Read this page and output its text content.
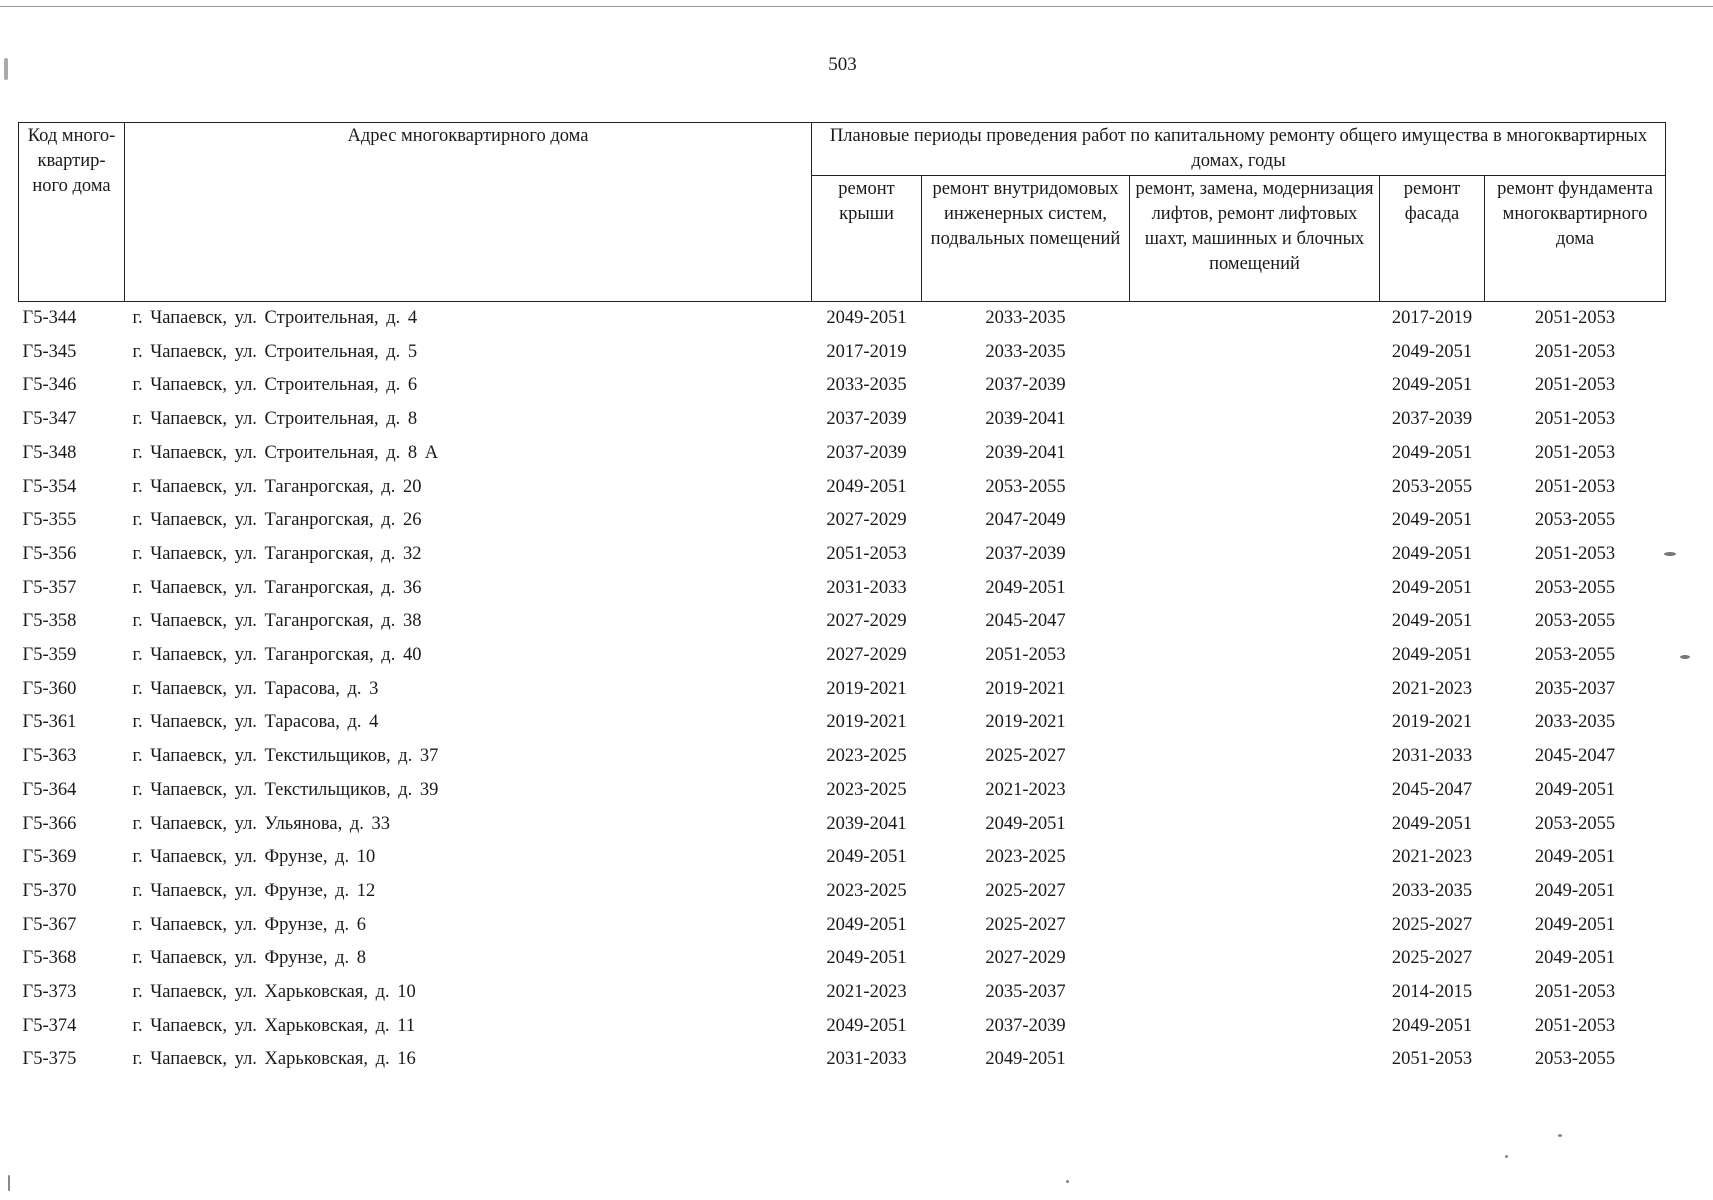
503
Код много-квартир-ного дома	Адрес многоквартирного дома	Плановые периоды проведения работ по капитальному ремонту общего имущества в многоквартирных домах, годы				
		ремонт крыши	ремонт внутридомовых инженерных систем, подвальных помещений	ремонт, замена, модернизация лифтов, ремонт лифтовых шахт, машинных и блочных помещений	ремонт фасада	ремонт фундамента многоквартирного дома
Г5-344	г. Чапаевск, ул. Строительная, д. 4	2049-2051	2033-2035		2017-2019	2051-2053
Г5-345	г. Чапаевск, ул. Строительная, д. 5	2017-2019	2033-2035		2049-2051	2051-2053
Г5-346	г. Чапаевск, ул. Строительная, д. 6	2033-2035	2037-2039		2049-2051	2051-2053
Г5-347	г. Чапаевск, ул. Строительная, д. 8	2037-2039	2039-2041		2037-2039	2051-2053
Г5-348	г. Чапаевск, ул. Строительная, д. 8 А	2037-2039	2039-2041		2049-2051	2051-2053
Г5-354	г. Чапаевск, ул. Таганрогская, д. 20	2049-2051	2053-2055		2053-2055	2051-2053
Г5-355	г. Чапаевск, ул. Таганрогская, д. 26	2027-2029	2047-2049		2049-2051	2053-2055
Г5-356	г. Чапаевск, ул. Таганрогская, д. 32	2051-2053	2037-2039		2049-2051	2051-2053
Г5-357	г. Чапаевск, ул. Таганрогская, д. 36	2031-2033	2049-2051		2049-2051	2053-2055
Г5-358	г. Чапаевск, ул. Таганрогская, д. 38	2027-2029	2045-2047		2049-2051	2053-2055
Г5-359	г. Чапаевск, ул. Таганрогская, д. 40	2027-2029	2051-2053		2049-2051	2053-2055
Г5-360	г. Чапаевск, ул. Тарасова, д. 3	2019-2021	2019-2021		2021-2023	2035-2037
Г5-361	г. Чапаевск, ул. Тарасова, д. 4	2019-2021	2019-2021		2019-2021	2033-2035
Г5-363	г. Чапаевск, ул. Текстильщиков, д. 37	2023-2025	2025-2027		2031-2033	2045-2047
Г5-364	г. Чапаевск, ул. Текстильщиков, д. 39	2023-2025	2021-2023		2045-2047	2049-2051
Г5-366	г. Чапаевск, ул. Ульянова, д. 33	2039-2041	2049-2051		2049-2051	2053-2055
Г5-369	г. Чапаевск, ул. Фрунзе, д. 10	2049-2051	2023-2025		2021-2023	2049-2051
Г5-370	г. Чапаевск, ул. Фрунзе, д. 12	2023-2025	2025-2027		2033-2035	2049-2051
Г5-367	г. Чапаевск, ул. Фрунзе, д. 6	2049-2051	2025-2027		2025-2027	2049-2051
Г5-368	г. Чапаевск, ул. Фрунзе, д. 8	2049-2051	2027-2029		2025-2027	2049-2051
Г5-373	г. Чапаевск, ул. Харьковская, д. 10	2021-2023	2035-2037		2014-2015	2051-2053
Г5-374	г. Чапаевск, ул. Харьковская, д. 11	2049-2051	2037-2039		2049-2051	2051-2053
Г5-375	г. Чапаевск, ул. Харьковская, д. 16	2031-2033	2049-2051		2051-2053	2053-2055
